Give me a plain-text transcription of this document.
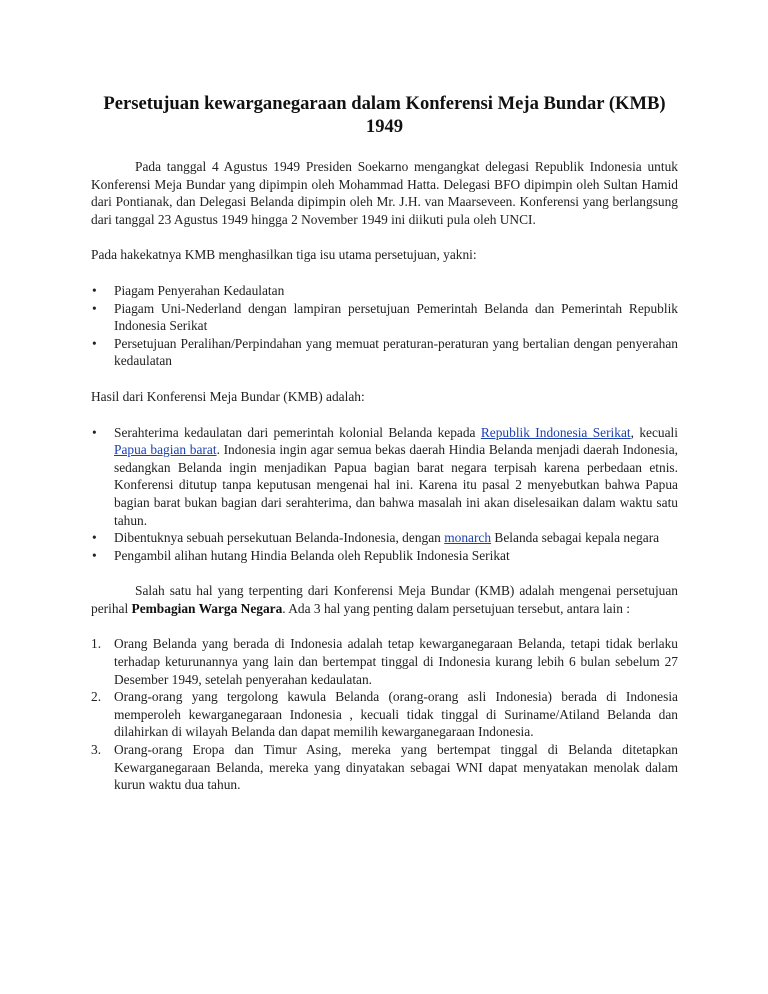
Persetujuan kewarganegaraan dalam Konferensi Meja Bundar (KMB) 1949

Pada tanggal 4 Agustus 1949 Presiden Soekarno mengangkat delegasi Republik Indonesia untuk Konferensi Meja Bundar yang dipimpin oleh Mohammad Hatta. Delegasi BFO dipimpin oleh Sultan Hamid dari Pontianak, dan Delegasi Belanda dipimpin oleh Mr. J.H. van Maarseveen. Konferensi yang berlangsung dari tanggal 23 Agustus 1949 hingga 2 November 1949 ini diikuti pula oleh UNCI.

Pada hakekatnya KMB menghasilkan tiga isu utama persetujuan, yakni:

• Piagam Penyerahan Kedaulatan
• Piagam Uni-Nederland dengan lampiran persetujuan Pemerintah Belanda dan Pemerintah Republik Indonesia Serikat
• Persetujuan Peralihan/Perpindahan yang memuat peraturan-peraturan yang bertalian dengan penyerahan kedaulatan

Hasil dari Konferensi Meja Bundar (KMB) adalah:

• Serahterima kedaulatan dari pemerintah kolonial Belanda kepada Republik Indonesia Serikat, kecuali Papua bagian barat. Indonesia ingin agar semua bekas daerah Hindia Belanda menjadi daerah Indonesia, sedangkan Belanda ingin menjadikan Papua bagian barat negara terpisah karena perbedaan etnis. Konferensi ditutup tanpa keputusan mengenai hal ini. Karena itu pasal 2 menyebutkan bahwa Papua bagian barat bukan bagian dari serahterima, dan bahwa masalah ini akan diselesaikan dalam waktu satu tahun.
• Dibentuknya sebuah persekutuan Belanda-Indonesia, dengan monarch Belanda sebagai kepala negara
• Pengambil alihan hutang Hindia Belanda oleh Republik Indonesia Serikat

Salah satu hal yang terpenting dari Konferensi Meja Bundar (KMB) adalah mengenai persetujuan perihal Pembagian Warga Negara. Ada 3 hal yang penting dalam persetujuan tersebut, antara lain :

1. Orang Belanda yang berada di Indonesia adalah tetap kewarganegaraan Belanda, tetapi tidak berlaku terhadap keturunannya yang lain dan bertempat tinggal di Indonesia kurang lebih 6 bulan sebelum 27 Desember 1949, setelah penyerahan kedaulatan.
2. Orang-orang yang tergolong kawula Belanda (orang-orang asli Indonesia) berada di Indonesia memperoleh kewarganegaraan Indonesia , kecuali tidak tinggal di Suriname/Atiland Belanda dan dilahirkan di wilayah Belanda dan dapat memilih kewarganegaraan Indonesia.
3. Orang-orang Eropa dan Timur Asing, mereka yang bertempat tinggal di Belanda ditetapkan Kewarganegaraan Belanda, mereka yang dinyatakan sebagai WNI dapat menyatakan menolak dalam kurun waktu dua tahun.
